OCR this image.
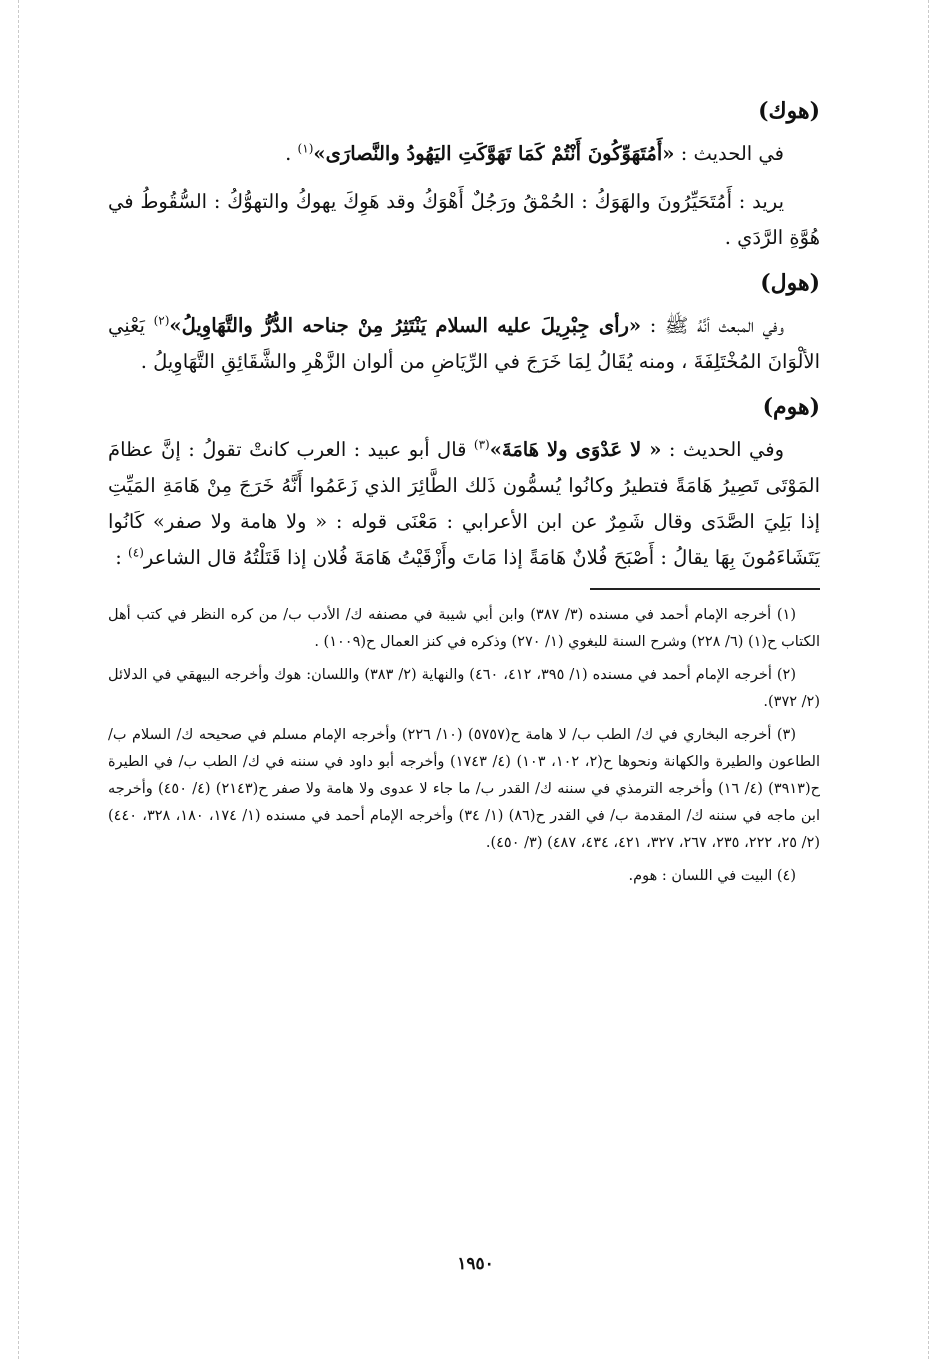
(هوك)

في الحديث : «أَمُتَهَوِّكُونَ أَنْتُمْ كَمَا تَهَوَّكَتِ اليَهُودُ والنَّصارَى»$^{(١)}$ .

يريد : أَمُتَحَيِّرُونَ والهَوَكُ : الحُمْقُ ورَجُلٌ أَهْوَكُ وقد هَوِكَ يهوكُ والتهوُّكُ : السُّقُوطُ في هُوَّةِ الرَّدَي .

(هول)

وفي المبعث أنَّهُ ﷺ : «رأى جِبْرِيلَ عليه السلام يَنْتَثِرُ مِنْ جناحه الدُّرُّ والتَّهَاوِيلُ»$^{(٢)}$ يَعْنِي الألْوَانَ المُخْتَلِفَةَ ، ومنه يُقَالُ لِمَا خَرَجَ في الرِّيَاضِ من ألوان الزَّهْرِ والشَّقَائِقِ التَّهَاوِيلُ .

(هوم)

وفي الحديث : « لا عَدْوَى ولا هَامَةَ»$^{(٣)}$ قال أبو عبيد : العرب كانتْ تقولُ : إنَّ عظامَ المَوْتَى تَصِيرُ هَامَةً فتطيرُ وكانُوا يُسمُّون ذَلك الطَّائِرَ الذي زَعَمُوا أَنَّهُ خَرَجَ مِنْ هَامَةِ المَيِّتِ إذا بَلِيَ الصَّدَى وقال شَمِرٌ عن ابن الأعرابي : مَعْنَى قوله : « ولا هامة ولا صفر» كَانُوا يَتَشَاءَمُونَ بِهَا يقالُ : أَصْبَحَ فُلانٌ هَامَةً إذا مَاتَ وأَزْقَيْتُ هَامَةَ فُلان إذا قَتَلْتُهُ قال الشاعر$^{(٤)}$ :

(١) أخرجه الإمام أحمد في مسنده (٣/ ٣٨٧) وابن أبي شيبة في مصنفه ك/ الأدب ب/ من كره النظر في كتب أهل الكتاب ح(١) (٦/ ٢٢٨) وشرح السنة للبغوي (١/ ٢٧٠) وذكره في كنز العمال ح(١٠٠٩) .

(٢) أخرجه الإمام أحمد في مسنده (١/ ٣٩٥، ٤١٢، ٤٦٠) والنهاية (٢/ ٣٨٣) واللسان: هوك وأخرجه البيهقي في الدلائل (٢/ ٣٧٢).

(٣) أخرجه البخاري في ك/ الطب ب/ لا هامة ح(٥٧٥٧) (١٠/ ٢٢٦) وأخرجه الإمام مسلم في صحيحه ك/ السلام ب/ الطاعون والطيرة والكهانة ونحوها ح(٢، ١٠٢، ١٠٣) (٤/ ١٧٤٣) وأخرجه أبو داود في سننه في ك/ الطب ب/ في الطيرة ح(٣٩١٣) (٤/ ١٦) وأخرجه الترمذي في سننه ك/ القدر ب/ ما جاء لا عدوى ولا هامة ولا صفر ح(٢١٤٣) (٤/ ٤٥٠) وأخرجه ابن ماجه في سننه ك/ المقدمة ب/ في القدر ح(٨٦) (١/ ٣٤) وأخرجه الإمام أحمد في مسنده (١/ ١٧٤، ١٨٠، ٣٢٨، ٤٤٠) (٢/ ٢٥، ٢٢٢، ٢٣٥، ٢٦٧، ٣٢٧، ٤٢١، ٤٣٤، ٤٨٧) (٣/ ٤٥٠).

(٤) البيت في اللسان : هوم.

١٩٥٠
